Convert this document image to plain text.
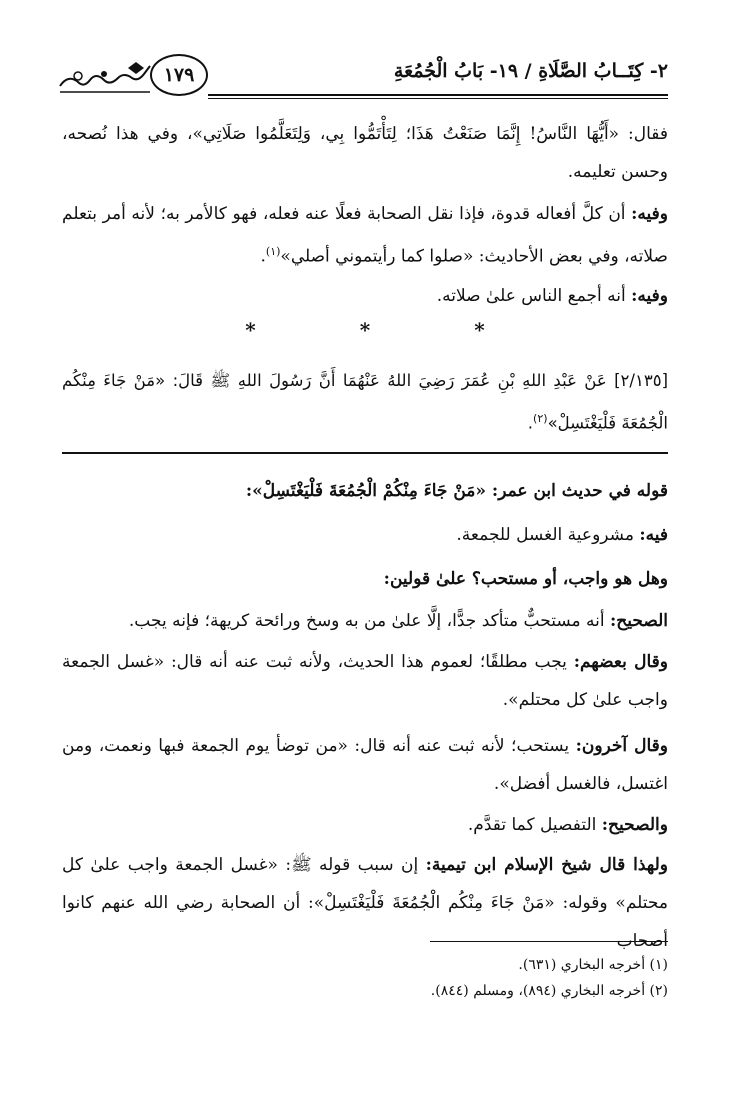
١٧٩	٢- كِتَــابُ الصَّلَاةِ / ١٩- بَابُ الْجُمُعَةِ
فقال: «أَيُّهَا النَّاسُ! إِنَّمَا صَنَعْتُ هَذَا؛ لِتَأْتَمُّوا بِي، وَلِتَعَلَّمُوا صَلَاتِي»، وفي هذا نُصحه، وحسن تعليمه.
وفيه: أن كلَّ أفعاله قدوة، فإذا نقل الصحابة فعلًا عنه فعله، فهو كالأمر به؛ لأنه أمر بتعلم صلاته، وفي بعض الأحاديث: «صلوا كما رأيتموني أصلي»$^{(١)}$.
وفيه: أنه أجمع الناس علىٰ صلاته.
*	*	*
[٢/١٣٥] عَنْ عَبْدِ اللهِ بْنِ عُمَرَ رَضِيَ اللهُ عَنْهُمَا أَنَّ رَسُولَ اللهِ ﷺ قَالَ: «مَنْ جَاءَ مِنْكُم الْجُمُعَةَ فَلْيَغْتَسِلْ»$^{(٢)}$.
قوله في حديث ابن عمر: «مَنْ جَاءَ مِنْكُمْ الْجُمُعَةَ فَلْيَغْتَسِلْ»:
فيه: مشروعية الغسل للجمعة.
وهل هو واجب، أو مستحب؟ علىٰ قولين:
الصحيح: أنه مستحبٌّ متأكد جدًّا، إلَّا علىٰ من به وسخ ورائحة كريهة؛ فإنه يجب.
وقال بعضهم: يجب مطلقًا؛ لعموم هذا الحديث، ولأنه ثبت عنه أنه قال: «غسل الجمعة واجب علىٰ كل محتلم».
وقال آخرون: يستحب؛ لأنه ثبت عنه أنه قال: «من توضأ يوم الجمعة فبها ونعمت، ومن اغتسل، فالغسل أفضل».
والصحيح: التفصيل كما تقدَّم.
ولهذا قال شيخ الإسلام ابن تيمية: إن سبب قوله ﷺ: «غسل الجمعة واجب علىٰ كل محتلم» وقوله: «مَنْ جَاءَ مِنْكُم الْجُمُعَةَ فَلْيَغْتَسِلْ»: أن الصحابة رضي الله عنهم كانوا أصحاب
(١) أخرجه البخاري (٦٣١).
(٢) أخرجه البخاري (٨٩٤)، ومسلم (٨٤٤).
